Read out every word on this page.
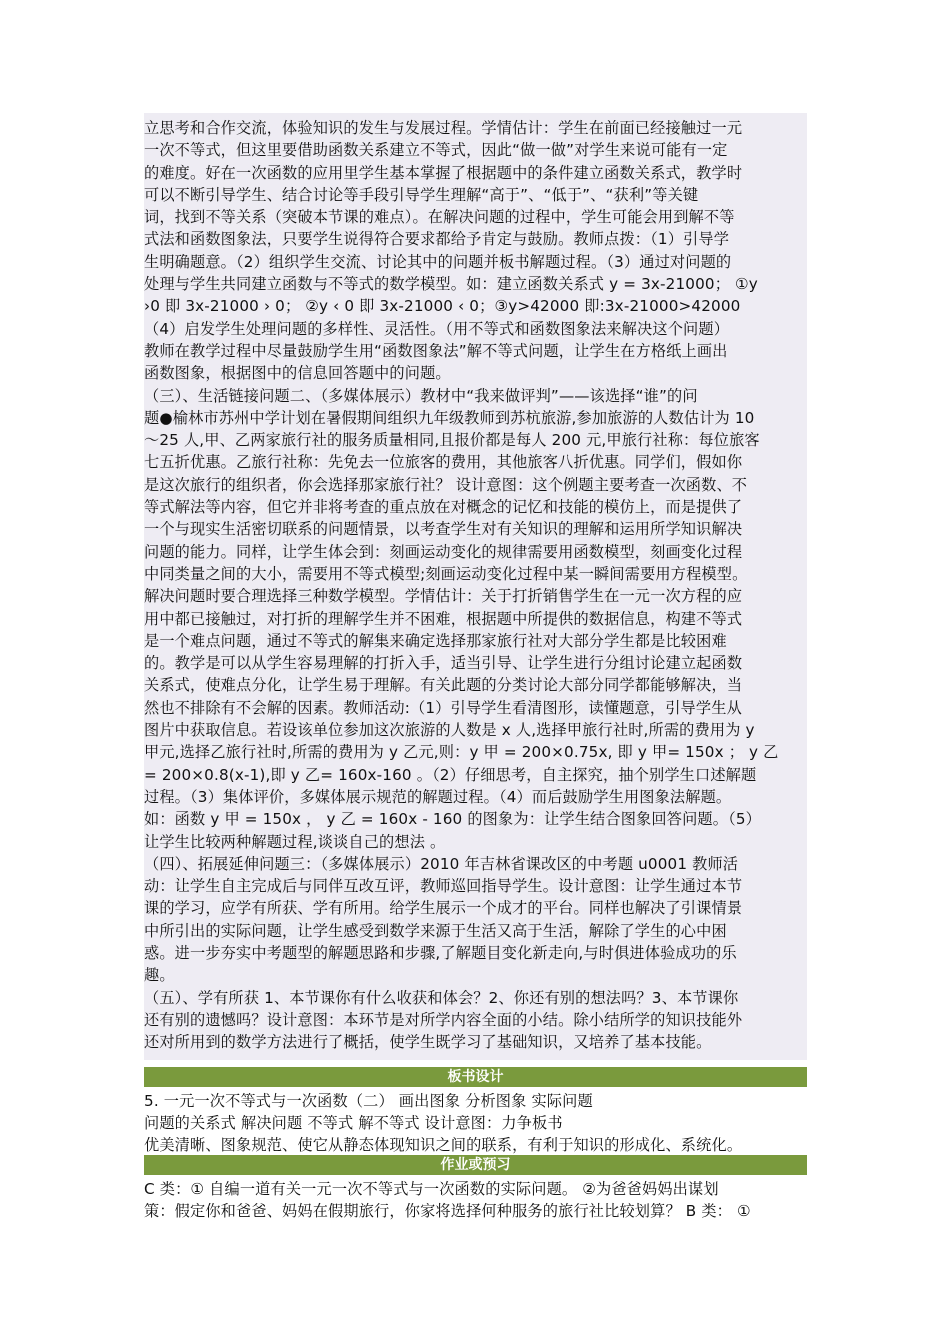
立思考和合作交流，体验知识的发生与发展过程。学情估计：学生在前面已经接触过一元
一次不等式，但这里要借助函数关系建立不等式，因此“做一做”对学生来说可能有一定
的难度。好在一次函数的应用里学生基本掌握了根据题中的条件建立函数关系式，教学时
可以不断引导学生、结合讨论等手段引导学生理解“高于”、“低于”、“获利”等关键
词，找到不等关系（突破本节课的难点）。在解决问题的过程中，学生可能会用到解不等
式法和函数图象法，只要学生说得符合要求都给予肯定与鼓励。教师点拨：（1）引导学
生明确题意。（2）组织学生交流、讨论其中的问题并板书解题过程。（3）通过对问题的
处理与学生共同建立函数与不等式的数学模型。如：建立函数关系式 y = 3x-21000； ①y
›0 即 3x-21000 › 0； ②y ‹ 0 即 3x-21000 ‹ 0；③y>42000 即:3x-21000>42000
（4）启发学生处理问题的多样性、灵活性。（用不等式和函数图象法来解决这个问题）
教师在教学过程中尽量鼓励学生用“函数图象法”解不等式问题，让学生在方格纸上画出
函数图象，根据图中的信息回答题中的问题。
（三）、生活链接问题二、（多媒体展示）教材中“我来做评判”——该选择“谁”的问
题●榆林市苏州中学计划在暑假期间组织九年级教师到苏杭旅游,参加旅游的人数估计为 10
～25 人,甲、乙两家旅行社的服务质量相同,且报价都是每人 200 元,甲旅行社称：每位旅客
七五折优惠。乙旅行社称：先免去一位旅客的费用，其他旅客八折优惠。同学们，假如你
是这次旅行的组织者，你会选择那家旅行社？ 设计意图：这个例题主要考查一次函数、不
等式解法等内容，但它并非将考查的重点放在对概念的记忆和技能的模仿上，而是提供了
一个与现实生活密切联系的问题情景，以考查学生对有关知识的理解和运用所学知识解决
问题的能力。同样，让学生体会到：刻画运动变化的规律需要用函数模型，刻画变化过程
中同类量之间的大小，需要用不等式模型;刻画运动变化过程中某一瞬间需要用方程模型。
解决问题时要合理选择三种数学模型。学情估计：关于打折销售学生在一元一次方程的应
用中都已接触过，对打折的理解学生并不困难，根据题中所提供的数据信息，构建不等式
是一个难点问题，通过不等式的解集来确定选择那家旅行社对大部分学生都是比较困难
的。教学是可以从学生容易理解的打折入手，适当引导、让学生进行分组讨论建立起函数
关系式，使难点分化，让学生易于理解。有关此题的分类讨论大部分同学都能够解决，当
然也不排除有不会解的因素。教师活动:（1）引导学生看清图形，读懂题意，引导学生从
图片中获取信息。若设该单位参加这次旅游的人数是 x 人,选择甲旅行社时,所需的费用为 y
甲元,选择乙旅行社时,所需的费用为 y 乙元,则：y 甲 = 200×0.75x, 即 y 甲= 150x ； y 乙
= 200×0.8(x-1),即 y 乙= 160x-160 。（2）仔细思考，自主探究，抽个别学生口述解题
过程。（3）集体评价，多媒体展示规范的解题过程。（4）而后鼓励学生用图象法解题。
如：函数 y 甲 = 150x ， y 乙 = 160x - 160 的图象为：让学生结合图象回答问题。（5）
让学生比较两种解题过程,谈谈自己的想法 。
（四）、拓展延伸问题三：（多媒体展示）2010 年吉林省课改区的中考题 u0001 教师活
动：让学生自主完成后与同伴互改互评，教师巡回指导学生。设计意图：让学生通过本节
课的学习，应学有所获、学有所用。给学生展示一个成才的平台。同样也解决了引课情景
中所引出的实际问题，让学生感受到数学来源于生活又高于生活，解除了学生的心中困
惑。进一步夯实中考题型的解题思路和步骤,了解题目变化新走向,与时俱进体验成功的乐
趣。
（五）、学有所获 1、本节课你有什么收获和体会？2、你还有别的想法吗？3、本节课你
还有别的遗憾吗？设计意图：本环节是对所学内容全面的小结。除小结所学的知识技能外
还对所用到的数学方法进行了概括，使学生既学习了基础知识，又培养了基本技能。
板书设计
5. 一元一次不等式与一次函数（二） 画出图象 分析图象 实际问题
问题的关系式 解决问题 不等式 解不等式 设计意图：力争板书
优美清晰、图象规范、使它从静态体现知识之间的联系，有利于知识的形成化、系统化。
作业或预习
C 类：① 自编一道有关一元一次不等式与一次函数的实际问题。 ②为爸爸妈妈出谋划
策：假定你和爸爸、妈妈在假期旅行，你家将选择何种服务的旅行社比较划算？ B 类： ①
